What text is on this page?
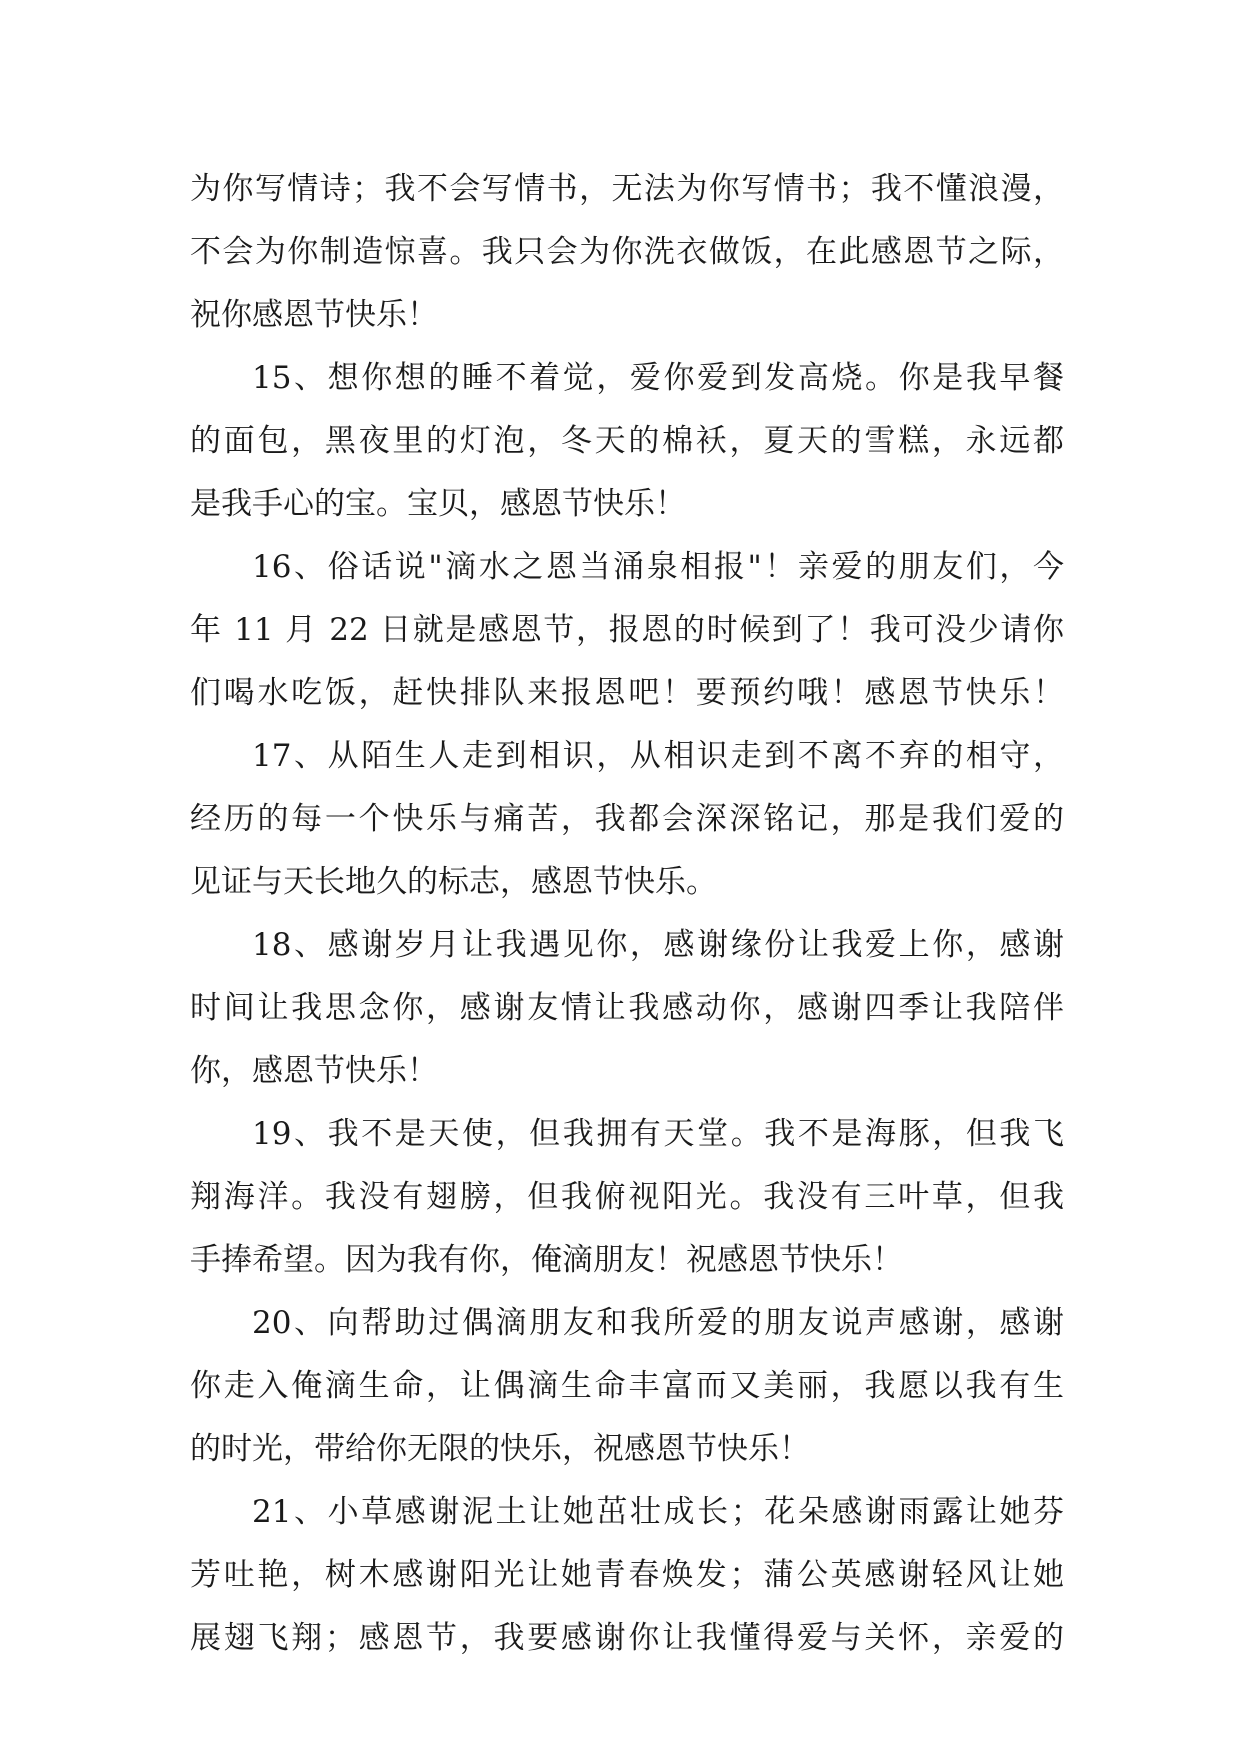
为你写情诗；我不会写情书，无法为你写情书；我不懂浪漫，
不会为你制造惊喜。我只会为你洗衣做饭，在此感恩节之际，
祝你感恩节快乐！

15、想你想的睡不着觉，爱你爱到发高烧。你是我早餐
的面包，黑夜里的灯泡，冬天的棉袄，夏天的雪糕，永远都
是我手心的宝。宝贝，感恩节快乐！

16、俗话说"滴水之恩当涌泉相报"！亲爱的朋友们，今
年 11 月 22 日就是感恩节，报恩的时候到了！我可没少请你
们喝水吃饭，赶快排队来报恩吧！要预约哦！感恩节快乐！

17、从陌生人走到相识，从相识走到不离不弃的相守，
经历的每一个快乐与痛苦，我都会深深铭记，那是我们爱的
见证与天长地久的标志，感恩节快乐。

18、感谢岁月让我遇见你，感谢缘份让我爱上你，感谢
时间让我思念你，感谢友情让我感动你，感谢四季让我陪伴
你，感恩节快乐！

19、我不是天使，但我拥有天堂。我不是海豚，但我飞
翔海洋。我没有翅膀，但我俯视阳光。我没有三叶草，但我
手捧希望。因为我有你，俺滴朋友！祝感恩节快乐！

20、向帮助过偶滴朋友和我所爱的朋友说声感谢，感谢
你走入俺滴生命，让偶滴生命丰富而又美丽，我愿以我有生
的时光，带给你无限的快乐，祝感恩节快乐！

21、小草感谢泥土让她茁壮成长；花朵感谢雨露让她芬
芳吐艳，树木感谢阳光让她青春焕发；蒲公英感谢轻风让她
展翅飞翔；感恩节，我要感谢你让我懂得爱与关怀，亲爱的
